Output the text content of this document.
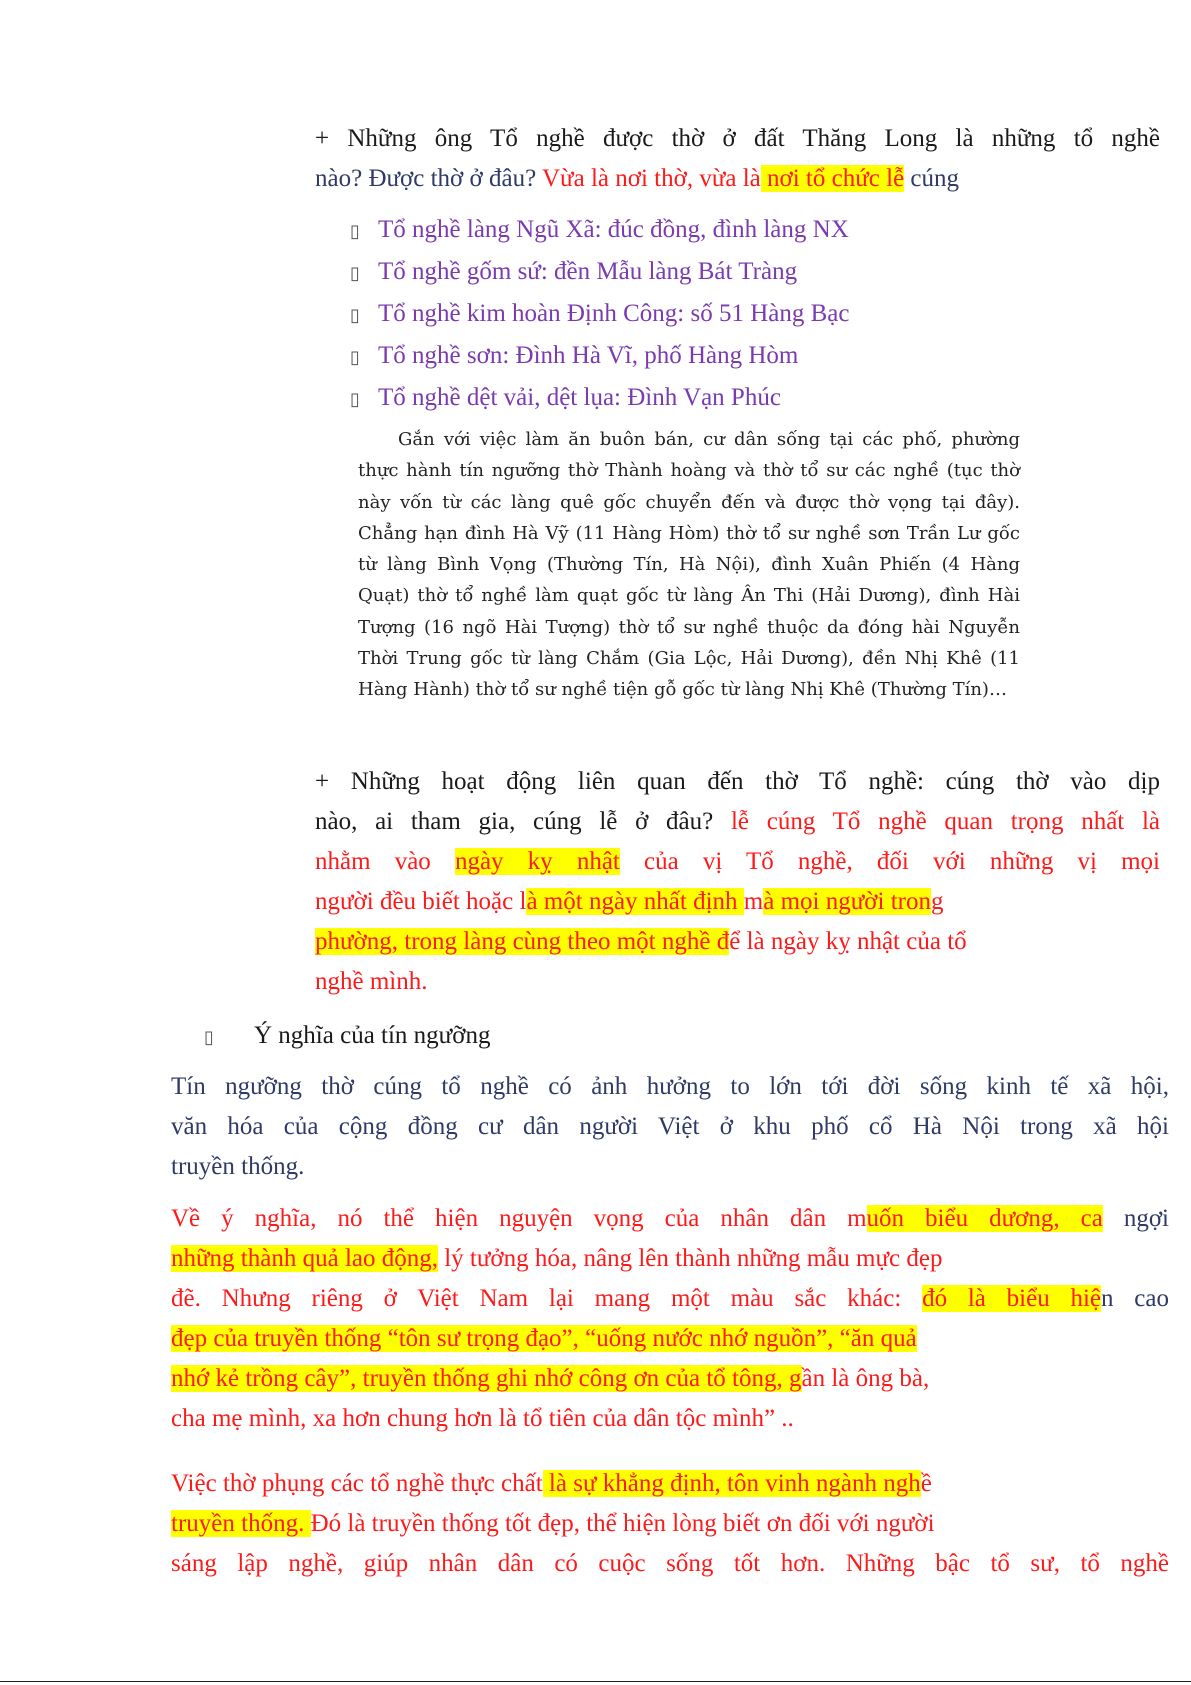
+ Những ông Tổ nghề được thờ ở đất Thăng Long là những tổ nghề
nào? Được thờ ở đâu? Vừa là nơi thờ, vừa là nơi tổ chức lễ cúng
▯ Tổ nghề làng Ngũ Xã: đúc đồng, đình làng NX
▯ Tổ nghề gốm sứ: đền Mẫu làng Bát Tràng
▯ Tổ nghề kim hoàn Định Công: số 51 Hàng Bạc
▯ Tổ nghề sơn: Đình Hà Vĩ, phố Hàng Hòm
▯ Tổ nghề dệt vải, dệt lụa: Đình Vạn Phúc

Gắn với việc làm ăn buôn bán, cư dân sống tại các phố, phường thực hành tín ngưỡng thờ Thành hoàng và thờ tổ sư các nghề (tục thờ này vốn từ các làng quê gốc chuyển đến và được thờ vọng tại đây). Chẳng hạn đình Hà Vỹ (11 Hàng Hòm) thờ tổ sư nghề sơn Trần Lư gốc từ làng Bình Vọng (Thường Tín, Hà Nội), đình Xuân Phiến (4 Hàng Quạt) thờ tổ nghề làm quạt gốc từ làng Ân Thi (Hải Dương), đình Hài Tượng (16 ngõ Hài Tượng) thờ tổ sư nghề thuộc da đóng hài Nguyễn Thời Trung gốc từ làng Chắm (Gia Lộc, Hải Dương), đền Nhị Khê (11 Hàng Hành) thờ tổ sư nghề tiện gỗ gốc từ làng Nhị Khê (Thường Tín)…

+ Những hoạt động liên quan đến thờ Tổ nghề: cúng thờ vào dịp
nào, ai tham gia, cúng lễ ở đâu? lễ cúng Tổ nghề quan trọng nhất là
nhằm vào ngày kỵ nhật của vị Tổ nghề, đối với những vị mọi
người đều biết hoặc là một ngày nhất định mà mọi người trong
phường, trong làng cùng theo một nghề để là ngày kỵ nhật của tổ
nghề mình.
▯ Ý nghĩa của tín ngưỡng
Tín ngưỡng thờ cúng tổ nghề có ảnh hưởng to lớn tới đời sống kinh tế xã hội,
văn hóa của cộng đồng cư dân người Việt ở khu phố cổ Hà Nội trong xã hội
truyền thống.
Về ý nghĩa, nó thể hiện nguyện vọng của nhân dân muốn biểu dương, ca ngợi
những thành quả lao động, lý tưởng hóa, nâng lên thành những mẫu mực đẹp
đẽ. Nhưng riêng ở Việt Nam lại mang một màu sắc khác: đó là biểu hiện cao
đẹp của truyền thống “tôn sư trọng đạo”, “uống nước nhớ nguồn”, “ăn quả
nhớ kẻ trồng cây”, truyền thống ghi nhớ công ơn của tổ tông, gần là ông bà,
cha mẹ mình, xa hơn chung hơn là tổ tiên của dân tộc mình” ..
Việc thờ phụng các tổ nghề thực chất là sự khẳng định, tôn vinh ngành nghề
truyền thống. Đó là truyền thống tốt đẹp, thể hiện lòng biết ơn đối với người
sáng lập nghề, giúp nhân dân có cuộc sống tốt hơn. Những bậc tổ sư, tổ nghề
